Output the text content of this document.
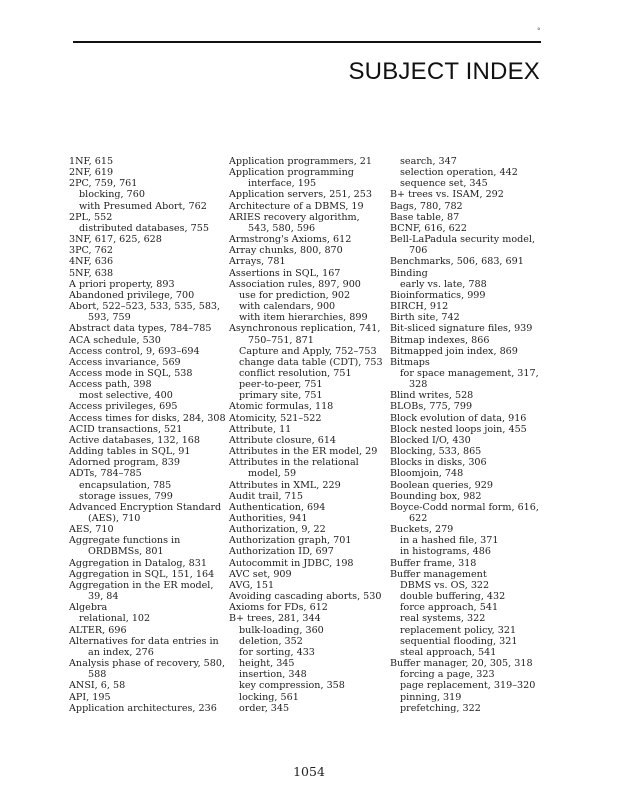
°
SUBJECT INDEX
1NF, 615
2NF, 619
2PC, 759, 761
blocking, 760
with Presumed Abort, 762
2PL, 552
distributed databases, 755
3NF, 617, 625, 628
3PC, 762
4NF, 636
5NF, 638
A priori property, 893
Abandoned privilege, 700
Abort, 522–523, 533, 535, 583,
593, 759
Abstract data types, 784–785
ACA schedule, 530
Access control, 9, 693–694
Access invariance, 569
Access mode in SQL, 538
Access path, 398
most selective, 400
Access privileges, 695
Access times for disks, 284, 308
ACID transactions, 521
Active databases, 132, 168
Adding tables in SQL, 91
Adorned program, 839
ADTs, 784–785
encapsulation, 785
storage issues, 799
Advanced Encryption Standard
(AES), 710
AES, 710
Aggregate functions in
ORDBMSs, 801
Aggregation in Datalog, 831
Aggregation in SQL, 151, 164
Aggregation in the ER model,
39, 84
Algebra
relational, 102
ALTER, 696
Alternatives for data entries in
an index, 276
Analysis phase of recovery, 580,
588
ANSI, 6, 58
API, 195
Application architectures, 236
Application programmers, 21
Application programming
interface, 195
Application servers, 251, 253
Architecture of a DBMS, 19
ARIES recovery algorithm,
543, 580, 596
Armstrong's Axioms, 612
Array chunks, 800, 870
Arrays, 781
Assertions in SQL, 167
Association rules, 897, 900
use for prediction, 902
with calendars, 900
with item hierarchies, 899
Asynchronous replication, 741,
750–751, 871
Capture and Apply, 752–753
change data table (CDT), 753
conflict resolution, 751
peer-to-peer, 751
primary site, 751
Atomic formulas, 118
Atomicity, 521–522
Attribute, 11
Attribute closure, 614
Attributes in the ER model, 29
Attributes in the relational
model, 59
Attributes in XML, 229
Audit trail, 715
Authentication, 694
Authorities, 941
Authorization, 9, 22
Authorization graph, 701
Authorization ID, 697
Autocommit in JDBC, 198
AVC set, 909
AVG, 151
Avoiding cascading aborts, 530
Axioms for FDs, 612
B+ trees, 281, 344
bulk-loading, 360
deletion, 352
for sorting, 433
height, 345
insertion, 348
key compression, 358
locking, 561
order, 345
search, 347
selection operation, 442
sequence set, 345
B+ trees vs. ISAM, 292
Bags, 780, 782
Base table, 87
BCNF, 616, 622
Bell-LaPadula security model,
706
Benchmarks, 506, 683, 691
Binding
early vs. late, 788
Bioinformatics, 999
BIRCH, 912
Birth site, 742
Bit-sliced signature files, 939
Bitmap indexes, 866
Bitmapped join index, 869
Bitmaps
for space management, 317,
328
Blind writes, 528
BLOBs, 775, 799
Block evolution of data, 916
Block nested loops join, 455
Blocked I/O, 430
Blocking, 533, 865
Blocks in disks, 306
Bloomjoin, 748
Boolean queries, 929
Bounding box, 982
Boyce-Codd normal form, 616,
622
Buckets, 279
in a hashed file, 371
in histograms, 486
Buffer frame, 318
Buffer management
DBMS vs. OS, 322
double buffering, 432
force approach, 541
real systems, 322
replacement policy, 321
sequential flooding, 321
steal approach, 541
Buffer manager, 20, 305, 318
forcing a page, 323
page replacement, 319–320
pinning, 319
prefetching, 322
1054
